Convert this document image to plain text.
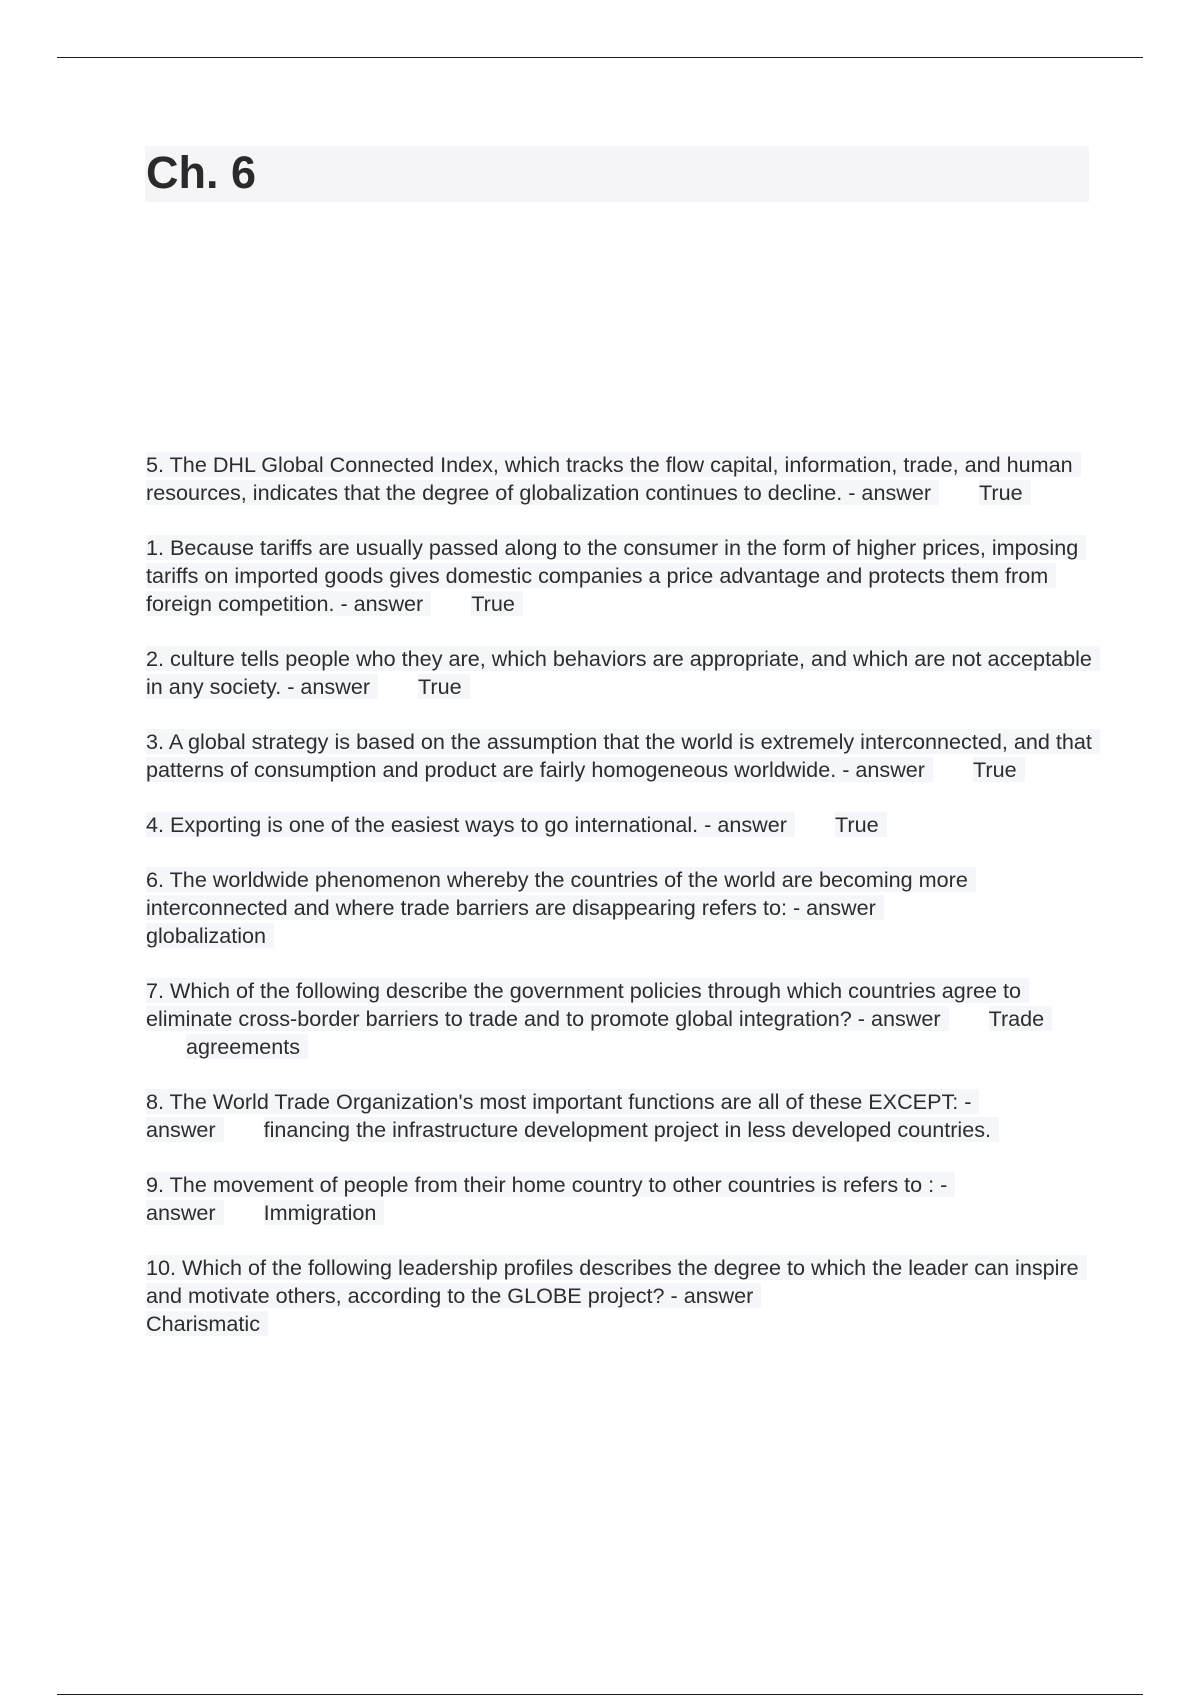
Ch. 6

5. The DHL Global Connected Index, which tracks the flow capital, information, trade, and human resources, indicates that the degree of globalization continues to decline. - answer True

1. Because tariffs are usually passed along to the consumer in the form of higher prices, imposing tariffs on imported goods gives domestic companies a price advantage and protects them from foreign competition. - answer True

2. culture tells people who they are, which behaviors are appropriate, and which are not acceptable in any society. - answer True

3. A global strategy is based on the assumption that the world is extremely interconnected, and that patterns of consumption and product are fairly homogeneous worldwide. - answer True

4. Exporting is one of the easiest ways to go international. - answer True

6. The worldwide phenomenon whereby the countries of the world are becoming more interconnected and where trade barriers are disappearing refers to: - answer
globalization

7. Which of the following describe the government policies through which countries agree to eliminate cross-border barriers to trade and to promote global integration? - answer Trade agreements

8. The World Trade Organization's most important functions are all of these EXCEPT: - answer financing the infrastructure development project in less developed countries.

9. The movement of people from their home country to other countries is refers to : - answer Immigration

10. Which of the following leadership profiles describes the degree to which the leader can inspire and motivate others, according to the GLOBE project? - answer
Charismatic
